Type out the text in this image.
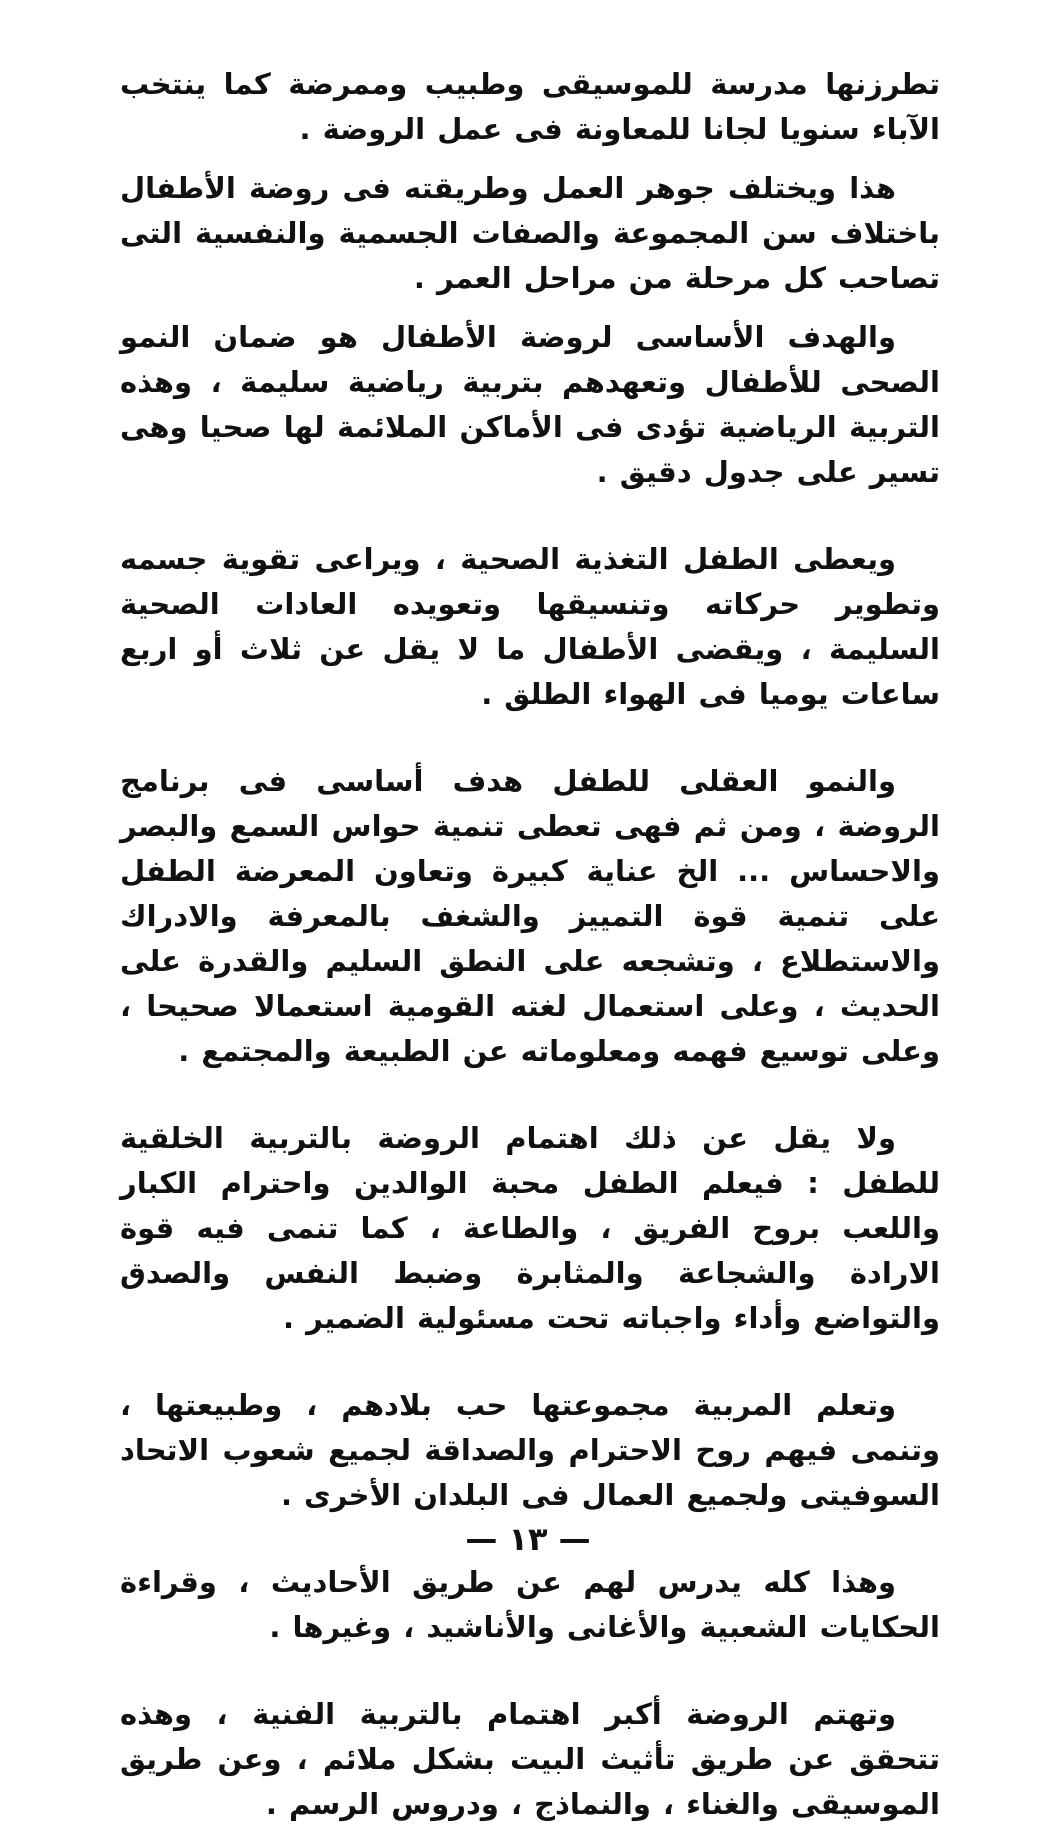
تطرزنها مدرسة للموسيقى وطبيب وممرضة كما ينتخب الآباء سنويا لجانا للمعاونة فى عمل الروضة .

هذا ويختلف جوهر العمل وطريقته فى روضة الأطفال باختلاف سن المجموعة والصفات الجسمية والنفسية التى تصاحب كل مرحلة من مراحل العمر .

والهدف الأساسى لروضة الأطفال هو ضمان النمو الصحى للأطفال وتعهدهم بتربية رياضية سليمة ، وهذه التربية الرياضية تؤدى فى الأماكن الملائمة لها صحيا وهى تسير على جدول دقيق .

ويعطى الطفل التغذية الصحية ، ويراعى تقوية جسمه وتطوير حركاته وتنسيقها وتعويده العادات الصحية السليمة ، ويقضى الأطفال ما لا يقل عن ثلاث أو اربع ساعات يوميا فى الهواء الطلق .

والنمو العقلى للطفل هدف أساسى فى برنامج الروضة ، ومن ثم فهى تعطى تنمية حواس السمع والبصر والاحساس ... الخ عناية كبيرة وتعاون المعرضة الطفل على تنمية قوة التمييز والشغف بالمعرفة والادراك والاستطلاع ، وتشجعه على النطق السليم والقدرة على الحديث ، وعلى استعمال لغته القومية استعمالا صحيحا ، وعلى توسيع فهمه ومعلوماته عن الطبيعة والمجتمع .

ولا يقل عن ذلك اهتمام الروضة بالتربية الخلقية للطفل : فيعلم الطفل محبة الوالدين واحترام الكبار واللعب بروح الفريق ، والطاعة ، كما تنمى فيه قوة الارادة والشجاعة والمثابرة وضبط النفس والصدق والتواضع وأداء واجباته تحت مسئولية الضمير .

وتعلم المربية مجموعتها حب بلادهم ، وطبيعتها ، وتنمى فيهم روح الاحترام والصداقة لجميع شعوب الاتحاد السوفيتى ولجميع العمال فى البلدان الأخرى .

وهذا كله يدرس لهم عن طريق الأحاديث ، وقراءة الحكايات الشعبية والأغانى والأناشيد ، وغيرها .

وتهتم الروضة أكبر اهتمام بالتربية الفنية ، وهذه تتحقق عن طريق تأثيث البيت بشكل ملائم ، وعن طريق الموسيقى والغناء ، والنماذج ، ودروس الرسم .

— ١٣ —
